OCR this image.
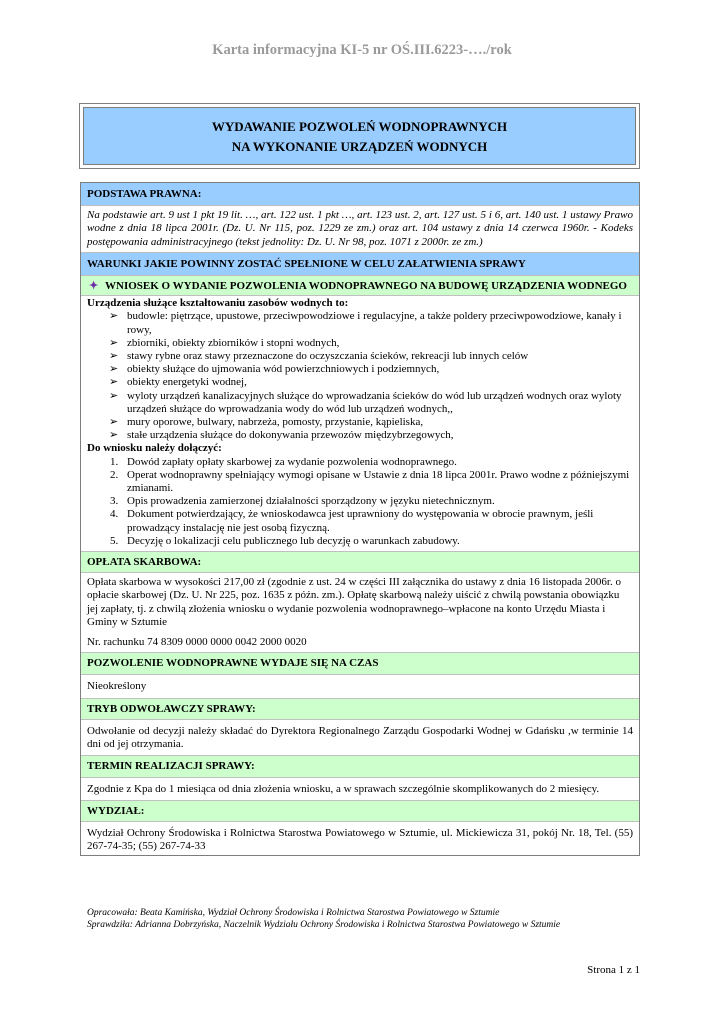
Karta informacyjna KI-5 nr OŚ.III.6223-…./rok
WYDAWANIE POZWOLEŃ WODNOPRAWNYCH
NA WYKONANIE URZĄDZEŃ WODNYCH
PODSTAWA PRAWNA:
Na podstawie art. 9 ust 1 pkt 19 lit. …, art. 122 ust. 1 pkt …, art. 123 ust. 2, art. 127 ust. 5 i 6, art. 140 ust. 1 ustawy Prawo wodne z dnia 18 lipca 2001r. (Dz. U. Nr 115, poz. 1229 ze zm.) oraz art. 104 ustawy z dnia 14 czerwca 1960r. - Kodeks postępowania administracyjnego (tekst jednolity: Dz. U. Nr 98, poz. 1071 z 2000r. ze zm.)
WARUNKI JAKIE POWINNY ZOSTAĆ SPEŁNIONE W CELU ZAŁATWIENIA SPRAWY
✦ WNIOSEK O WYDANIE POZWOLENIA WODNOPRAWNEGO NA BUDOWĘ URZĄDZENIA WODNEGO
Urządzenia służące kształtowaniu zasobów wodnych to:
➢ budowle: piętrzące, upustowe, przeciwpowodziowe i regulacyjne, a także poldery przeciwpowodziowe, kanały i rowy,
➢ zbiorniki, obiekty zbiorników i stopni wodnych,
➢ stawy rybne oraz stawy przeznaczone do oczyszczania ścieków, rekreacji lub innych celów
➢ obiekty służące do ujmowania wód powierzchniowych i podziemnych,
➢ obiekty energetyki wodnej,
➢ wyloty urządzeń kanalizacyjnych służące do wprowadzania ścieków do wód lub urządzeń wodnych oraz wyloty urządzeń służące do wprowadzania wody do wód lub urządzeń wodnych,,
➢ mury oporowe, bulwary, nabrzeża, pomosty, przystanie, kąpieliska,
➢ stałe urządzenia służące do dokonywania przewozów międzybrzegowych,
Do wniosku należy dołączyć:
1. Dowód zapłaty opłaty skarbowej za wydanie pozwolenia wodnoprawnego.
2. Operat wodnoprawny spełniający wymogi opisane w Ustawie z dnia 18 lipca 2001r. Prawo wodne z późniejszymi zmianami.
3. Opis prowadzenia zamierzonej działalności sporządzony w języku nietechnicznym.
4. Dokument potwierdzający, że wnioskodawca jest uprawniony do występowania w obrocie prawnym, jeśli prowadzący instalację nie jest osobą fizyczną.
5. Decyzję o lokalizacji celu publicznego lub decyzję o warunkach zabudowy.
OPŁATA SKARBOWA:
Opłata skarbowa w wysokości 217,00 zł (zgodnie z ust. 24 w części III załącznika do ustawy z dnia 16 listopada 2006r. o opłacie skarbowej (Dz. U. Nr 225, poz. 1635 z późn. zm.). Opłatę skarbową należy uiścić z chwilą powstania obowiązku jej zapłaty, tj. z chwilą złożenia wniosku o wydanie pozwolenia wodnoprawnego–wpłacone na konto Urzędu Miasta i Gminy w Sztumie
Nr. rachunku 74 8309 0000 0000 0042 2000 0020
POZWOLENIE WODNOPRAWNE WYDAJE SIĘ NA CZAS
Nieokreślony
TRYB ODWOŁAWCZY SPRAWY:
Odwołanie od decyzji należy składać do Dyrektora Regionalnego Zarządu Gospodarki Wodnej w Gdańsku ,w terminie 14 dni od jej otrzymania.
TERMIN REALIZACJI SPRAWY:
Zgodnie z Kpa do 1 miesiąca od dnia złożenia wniosku, a w sprawach szczególnie skomplikowanych do 2 miesięcy.
WYDZIAŁ:
Wydział Ochrony Środowiska i Rolnictwa Starostwa Powiatowego w Sztumie, ul. Mickiewicza 31, pokój Nr. 18, Tel. (55) 267-74-35; (55) 267-74-33
Opracowała: Beata Kamińska, Wydział Ochrony Środowiska i Rolnictwa Starostwa Powiatowego w Sztumie
Sprawdziła: Adrianna Dobrzyńska, Naczelnik Wydziału Ochrony Środowiska i Rolnictwa Starostwa Powiatowego w Sztumie
Strona 1 z 1
